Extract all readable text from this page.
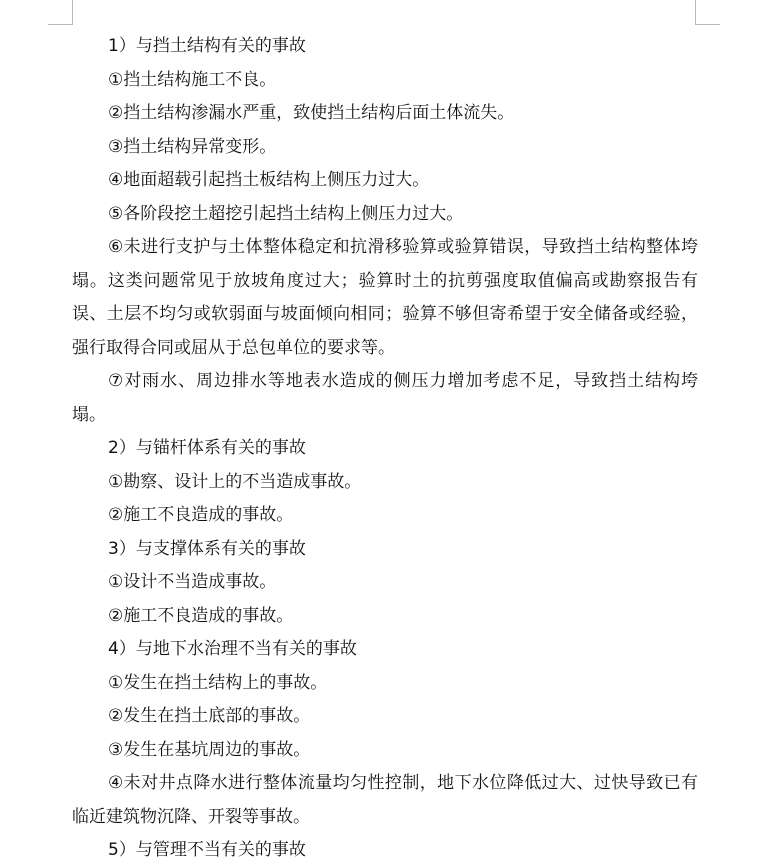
1）与挡土结构有关的事故

①挡土结构施工不良。

②挡土结构渗漏水严重，致使挡土结构后面土体流失。

③挡土结构异常变形。

④地面超载引起挡土板结构上侧压力过大。

⑤各阶段挖土超挖引起挡土结构上侧压力过大。

⑥未进行支护与土体整体稳定和抗滑移验算或验算错误，导致挡土结构整体垮塌。这类问题常见于放坡角度过大；验算时土的抗剪强度取值偏高或勘察报告有误、土层不均匀或软弱面与坡面倾向相同；验算不够但寄希望于安全储备或经验，强行取得合同或屈从于总包单位的要求等。

⑦对雨水、周边排水等地表水造成的侧压力增加考虑不足，导致挡土结构垮塌。

2）与锚杆体系有关的事故

①勘察、设计上的不当造成事故。

②施工不良造成的事故。

3）与支撑体系有关的事故

①设计不当造成事故。

②施工不良造成的事故。

4）与地下水治理不当有关的事故

①发生在挡土结构上的事故。

②发生在挡土底部的事故。

③发生在基坑周边的事故。

④未对井点降水进行整体流量均匀性控制，地下水位降低过大、过快导致已有临近建筑物沉降、开裂等事故。

5）与管理不当有关的事故
